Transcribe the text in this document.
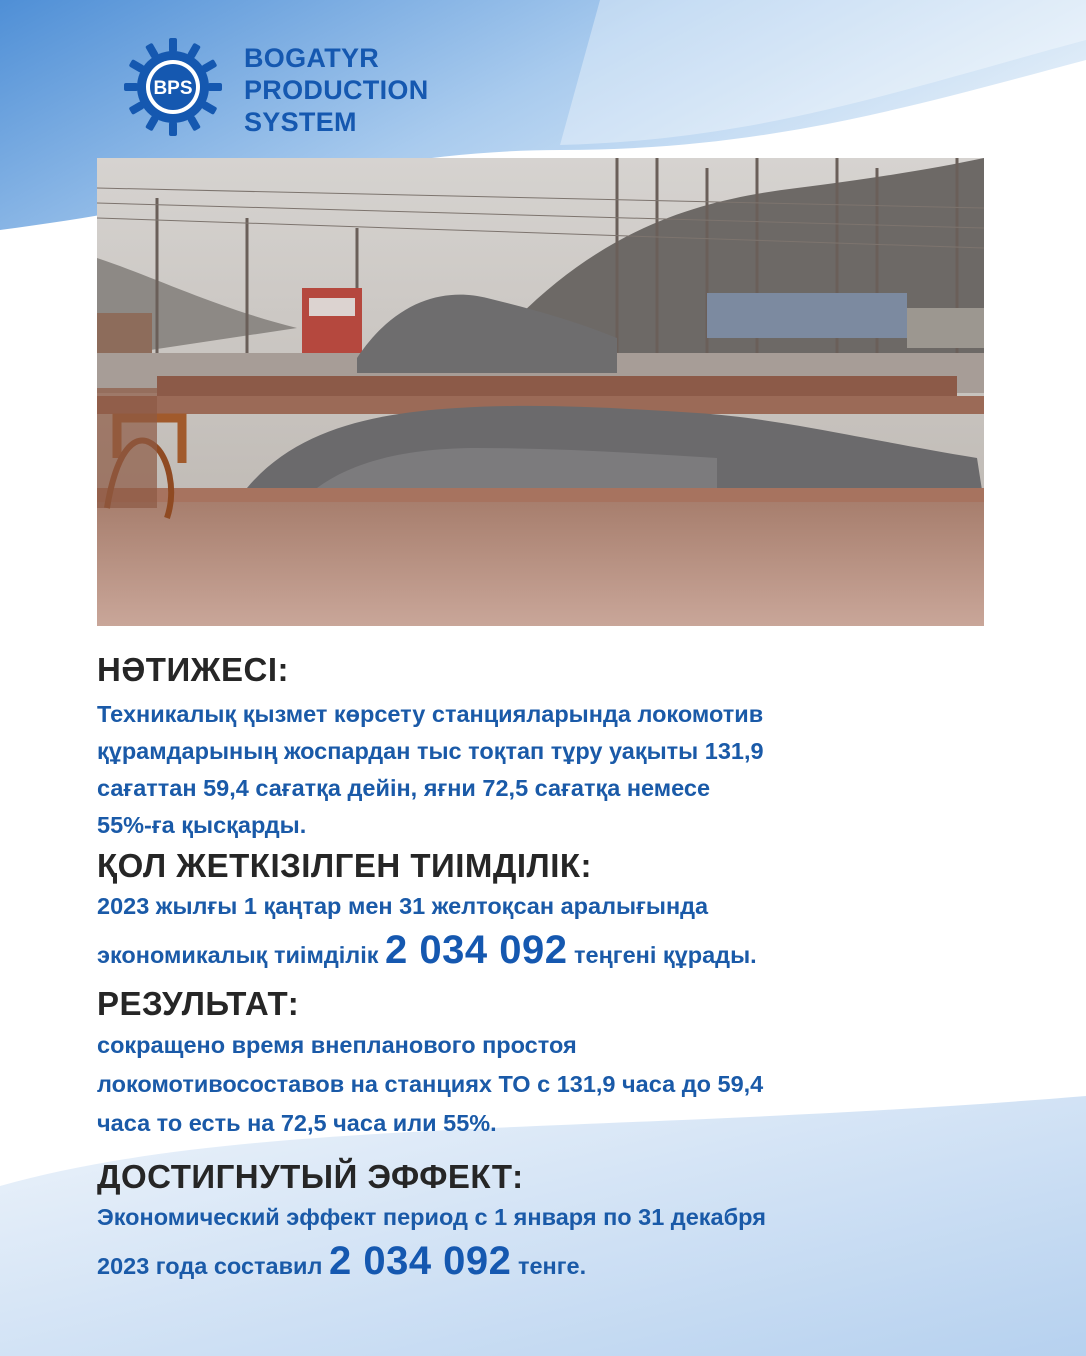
BPS
BOGATYR
PRODUCTION
SYSTEM
НӘТИЖЕСІ:
Техникалық қызмет көрсету станцияларында локомотив
құрамдарының жоспардан тыс тоқтап тұру уақыты 131,9
сағаттан 59,4 сағатқа дейін, яғни 72,5 сағатқа немесе
55%-ға қысқарды.
ҚОЛ ЖЕТКІЗІЛГЕН ТИІМДІЛІК:
2023 жылғы 1 қаңтар мен 31 желтоқсан аралығында
экономикалық тиімділік 2 034 092 теңгені құрады.
РЕЗУЛЬТАТ:
сокращено время внепланового простоя
локомотивосоставов на станциях ТО с 131,9 часа до 59,4
часа то есть на 72,5 часа или 55%.
ДОСТИГНУТЫЙ ЭФФЕКТ:
Экономический эффект период с 1 января по 31 декабря
2023 года составил 2 034 092 тенге.
